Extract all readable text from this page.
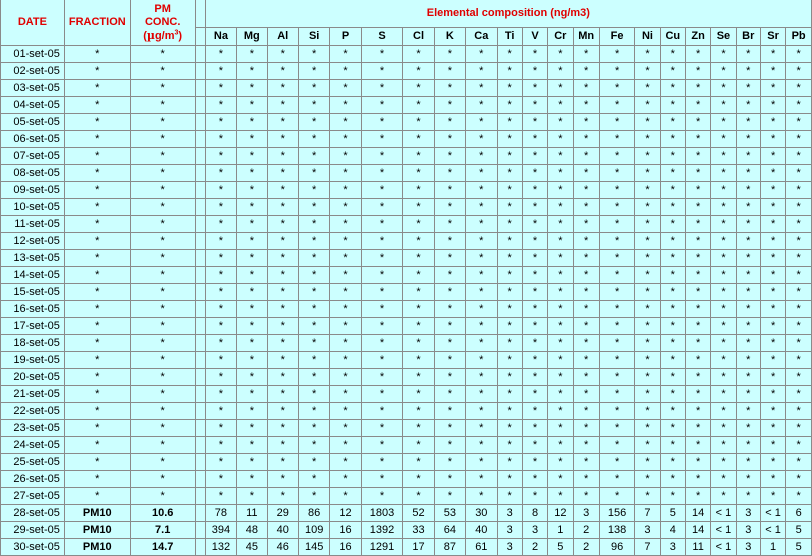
DATE	FRACTION	PM
CONC.
$(\mu g/m^3)$		Elemental composition (ng/m3)																				
				Na	Mg	Al	Si	P	S	Cl	K	Ca	Ti	V	Cr	Mn	Fe	Ni	Cu	Zn	Se	Br	Sr	Pb
01-set-05	*	*		*	*	*	*	*	*	*	*	*	*	*	*	*	*	*	*	*	*	*	*	*
02-set-05	*	*		*	*	*	*	*	*	*	*	*	*	*	*	*	*	*	*	*	*	*	*	*
03-set-05	*	*		*	*	*	*	*	*	*	*	*	*	*	*	*	*	*	*	*	*	*	*	*
04-set-05	*	*		*	*	*	*	*	*	*	*	*	*	*	*	*	*	*	*	*	*	*	*	*
05-set-05	*	*		*	*	*	*	*	*	*	*	*	*	*	*	*	*	*	*	*	*	*	*	*
06-set-05	*	*		*	*	*	*	*	*	*	*	*	*	*	*	*	*	*	*	*	*	*	*	*
07-set-05	*	*		*	*	*	*	*	*	*	*	*	*	*	*	*	*	*	*	*	*	*	*	*
08-set-05	*	*		*	*	*	*	*	*	*	*	*	*	*	*	*	*	*	*	*	*	*	*	*
09-set-05	*	*		*	*	*	*	*	*	*	*	*	*	*	*	*	*	*	*	*	*	*	*	*
10-set-05	*	*		*	*	*	*	*	*	*	*	*	*	*	*	*	*	*	*	*	*	*	*	*
11-set-05	*	*		*	*	*	*	*	*	*	*	*	*	*	*	*	*	*	*	*	*	*	*	*
12-set-05	*	*		*	*	*	*	*	*	*	*	*	*	*	*	*	*	*	*	*	*	*	*	*
13-set-05	*	*		*	*	*	*	*	*	*	*	*	*	*	*	*	*	*	*	*	*	*	*	*
14-set-05	*	*		*	*	*	*	*	*	*	*	*	*	*	*	*	*	*	*	*	*	*	*	*
15-set-05	*	*		*	*	*	*	*	*	*	*	*	*	*	*	*	*	*	*	*	*	*	*	*
16-set-05	*	*		*	*	*	*	*	*	*	*	*	*	*	*	*	*	*	*	*	*	*	*	*
17-set-05	*	*		*	*	*	*	*	*	*	*	*	*	*	*	*	*	*	*	*	*	*	*	*
18-set-05	*	*		*	*	*	*	*	*	*	*	*	*	*	*	*	*	*	*	*	*	*	*	*
19-set-05	*	*		*	*	*	*	*	*	*	*	*	*	*	*	*	*	*	*	*	*	*	*	*
20-set-05	*	*		*	*	*	*	*	*	*	*	*	*	*	*	*	*	*	*	*	*	*	*	*
21-set-05	*	*		*	*	*	*	*	*	*	*	*	*	*	*	*	*	*	*	*	*	*	*	*
22-set-05	*	*		*	*	*	*	*	*	*	*	*	*	*	*	*	*	*	*	*	*	*	*	*
23-set-05	*	*		*	*	*	*	*	*	*	*	*	*	*	*	*	*	*	*	*	*	*	*	*
24-set-05	*	*		*	*	*	*	*	*	*	*	*	*	*	*	*	*	*	*	*	*	*	*	*
25-set-05	*	*		*	*	*	*	*	*	*	*	*	*	*	*	*	*	*	*	*	*	*	*	*
26-set-05	*	*		*	*	*	*	*	*	*	*	*	*	*	*	*	*	*	*	*	*	*	*	*
27-set-05	*	*		*	*	*	*	*	*	*	*	*	*	*	*	*	*	*	*	*	*	*	*	*
28-set-05	PM10	10.6		78	11	29	86	12	1803	52	53	30	3	8	12	3	156	7	5	14	< 1	3	< 1	6
29-set-05	PM10	7.1		394	48	40	109	16	1392	33	64	40	3	3	1	2	138	3	4	14	< 1	3	< 1	5
30-set-05	PM10	14.7		132	45	46	145	16	1291	17	87	61	3	2	5	2	96	7	3	11	< 1	3	1	5
